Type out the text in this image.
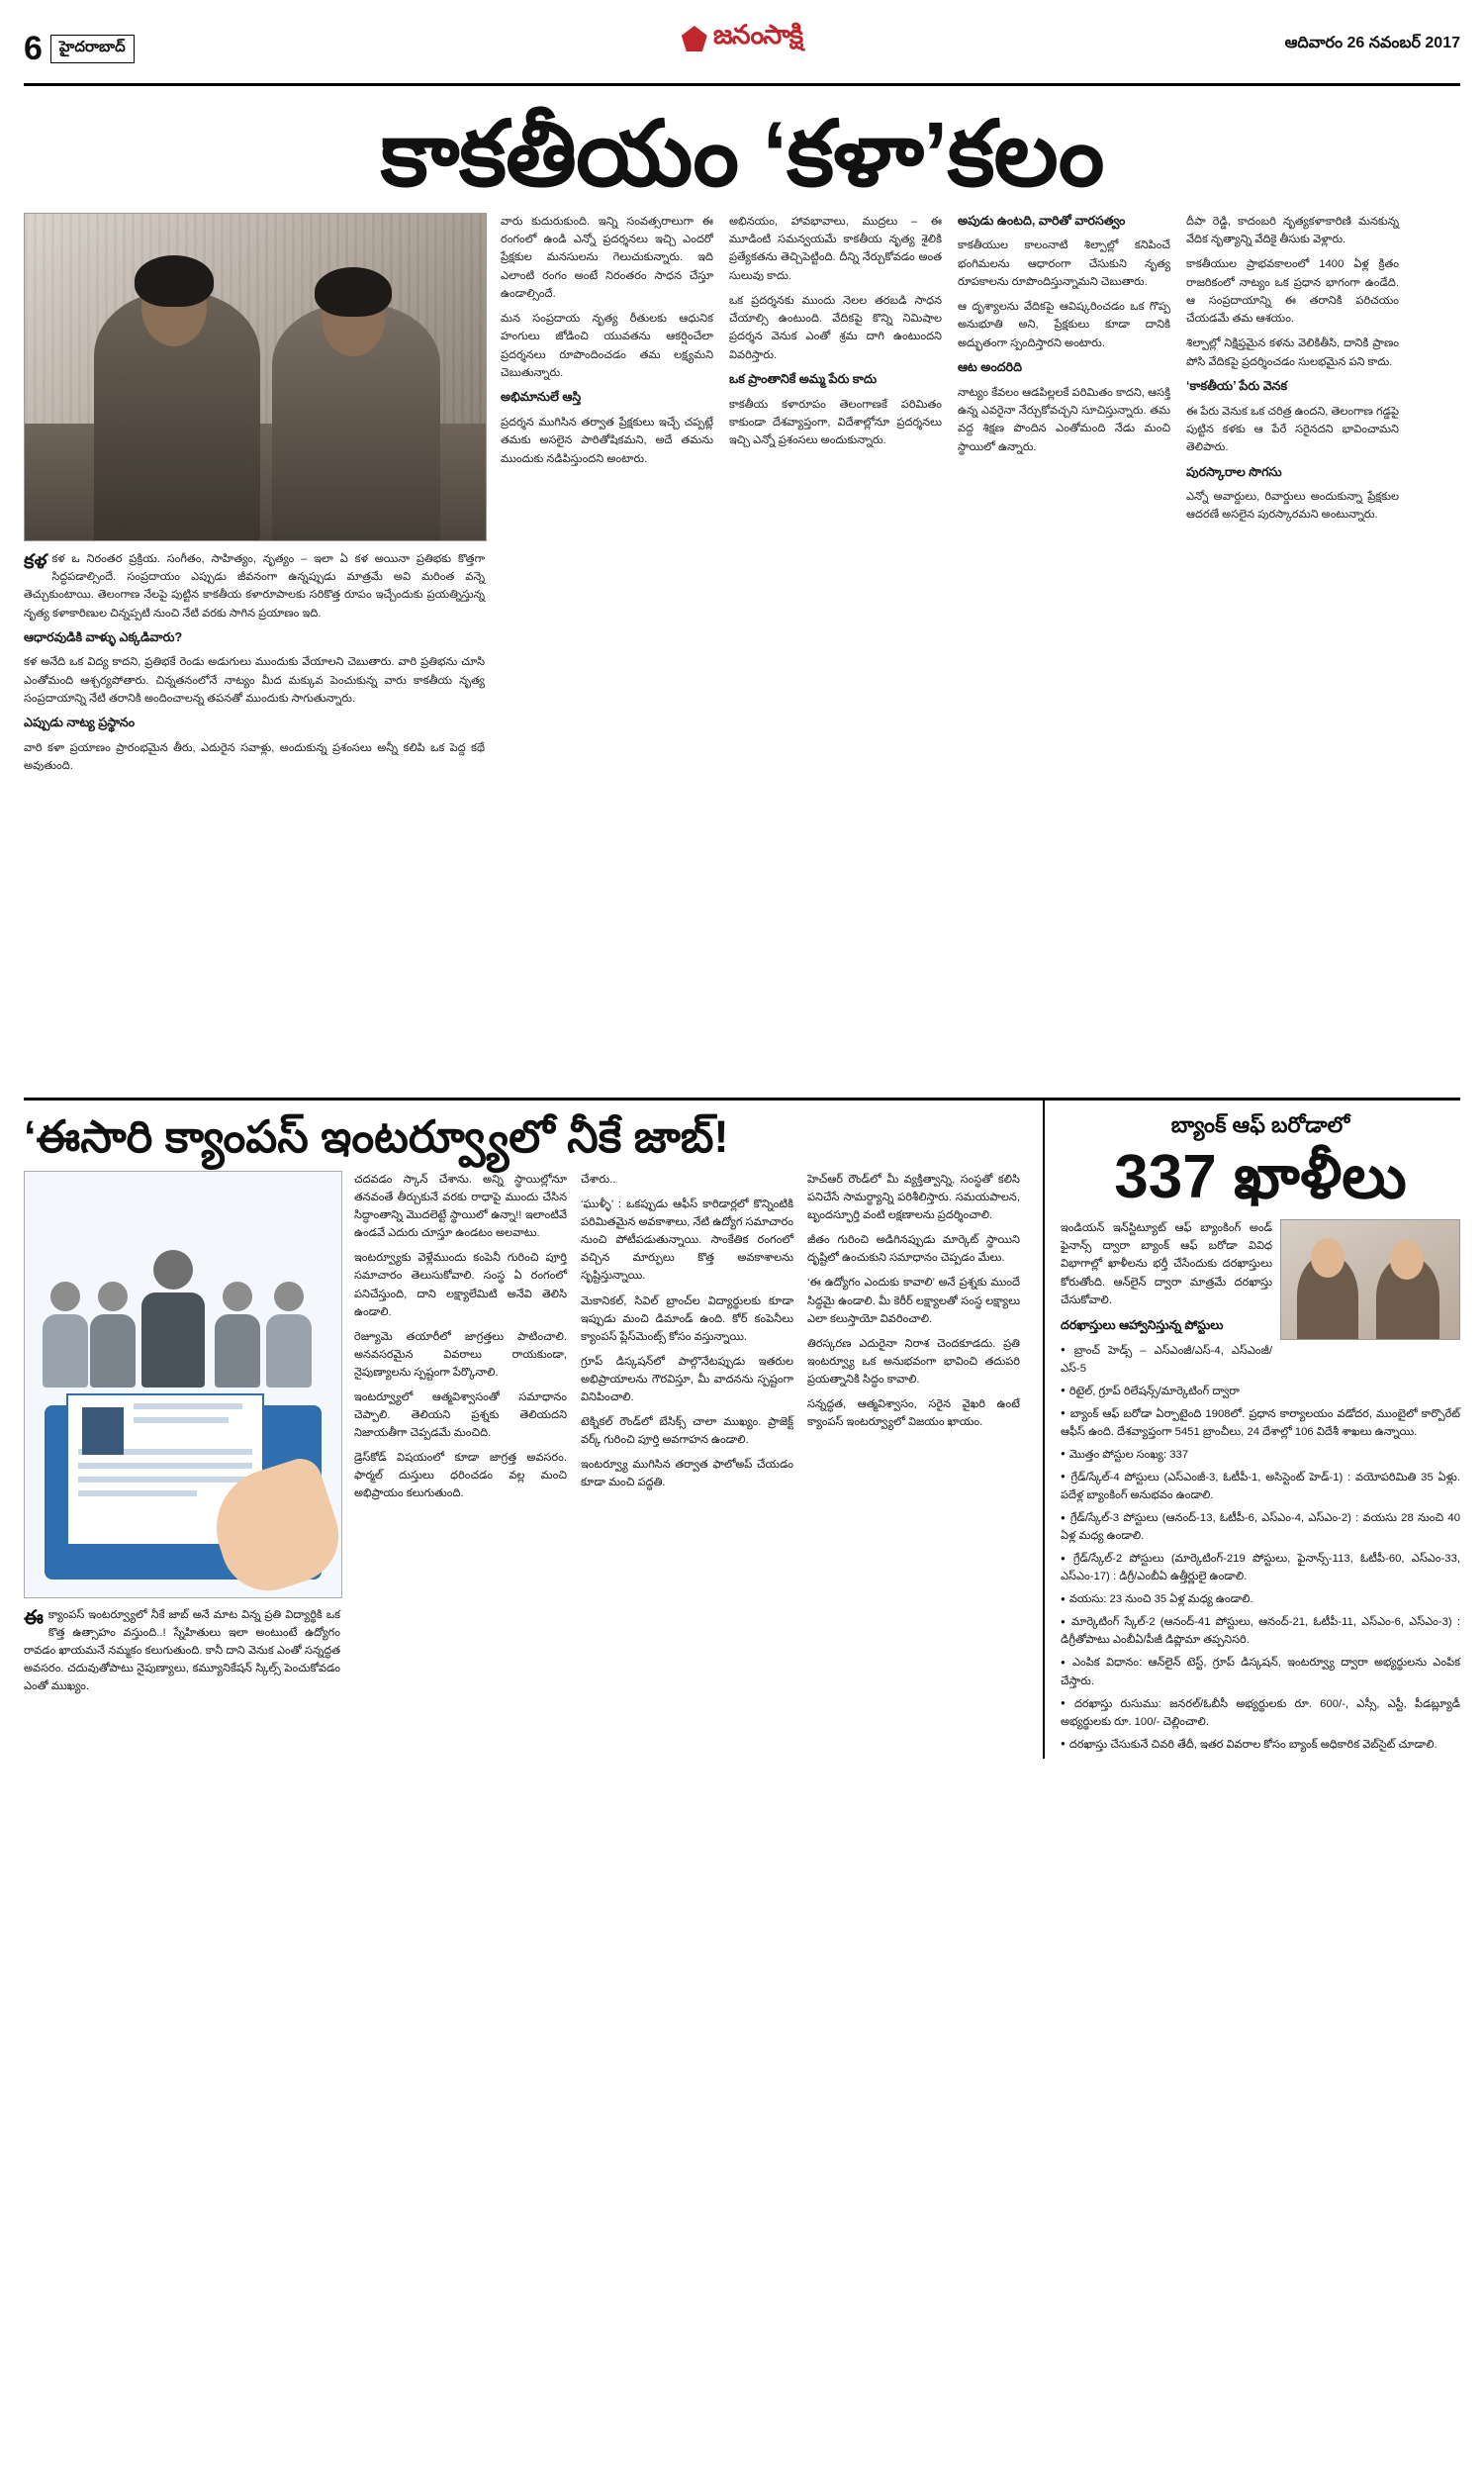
6	హైదరాబాద్	జనంసాక్షి	ఆదివారం 26 నవంబర్ 2017
కాకతీయం ‘కళా’కలం

కళ కళ ఒ నిరంతర ప్రక్రియ. సంగీతం, సాహిత్యం, నృత్యం – ఇలా ఏ కళ అయినా ప్రతిభకు కొత్తగా సిద్ధపడాల్సిందే. సంప్రదాయం ఎప్పుడు జీవనంగా ఉన్నప్పుడు మాత్రమే అవి మరింత వన్నె తెచ్చుకుంటాయి. తెలంగాణ నేలపై పుట్టిన కాకతీయ కళారూపాలకు సరికొత్త రూపం ఇచ్చేందుకు ప్రయత్నిస్తున్న నృత్య కళాకారిణుల చిన్నప్పటి నుంచి నేటి వరకు సాగిన ప్రయాణం ఇది.

ఆధారవుడికి వాళ్ళు ఎక్కడివారు?

కళ అనేది ఒక విద్య కాదని, ప్రతిభకే రెండు అడుగులు ముందుకు వేయాలని చెబుతారు. వారి ప్రతిభను చూసి ఎంతోమంది ఆశ్చర్యపోతారు. చిన్నతనంలోనే నాట్యం మీద మక్కువ పెంచుకున్న వారు కాకతీయ నృత్య సంప్రదాయాన్ని నేటి తరానికి అందించాలన్న తపనతో ముందుకు సాగుతున్నారు.

ఎప్పుడు నాట్య ప్రస్థానం

వారి కళా ప్రయాణం ప్రారంభమైన తీరు, ఎదురైన సవాళ్లు, అందుకున్న ప్రశంసలు అన్నీ కలిపి ఒక పెద్ద కథే అవుతుంది.

వారు కుదురుకుంది. ఇన్ని సంవత్సరాలుగా ఈ రంగంలో ఉండి ఎన్నో ప్రదర్శనలు ఇచ్చి ఎందరో ప్రేక్షకుల మనసులను గెలుచుకున్నారు. ఇది ఎలాంటి రంగం అంటే నిరంతరం సాధన చేస్తూ ఉండాల్సిందే.

మన సంప్రదాయ నృత్య రీతులకు ఆధునిక హంగులు జోడించి యువతను ఆకర్షించేలా ప్రదర్శనలు రూపొందించడం తమ లక్ష్యమని చెబుతున్నారు.

అభిమానులే ఆస్తి

ప్రదర్శన ముగిసిన తర్వాత ప్రేక్షకులు ఇచ్చే చప్పట్లే తమకు అసలైన పారితోషికమని, అదే తమను ముందుకు నడిపిస్తుందని అంటారు.

అభినయం, హావభావాలు, ముద్రలు – ఈ మూడింటి సమన్వయమే కాకతీయ నృత్య శైలికి ప్రత్యేకతను తెచ్చిపెట్టింది. దీన్ని నేర్చుకోవడం అంత సులువు కాదు.

ఒక ప్రదర్శనకు ముందు నెలల తరబడి సాధన చేయాల్సి ఉంటుంది. వేదికపై కొన్ని నిమిషాల ప్రదర్శన వెనుక ఎంతో శ్రమ దాగి ఉంటుందని వివరిస్తారు.

ఒక ప్రాంతానికే అమ్మ పేరు కాదు

కాకతీయ కళారూపం తెలంగాణకే పరిమితం కాకుండా దేశవ్యాప్తంగా, విదేశాల్లోనూ ప్రదర్శనలు ఇచ్చి ఎన్నో ప్రశంసలు అందుకున్నారు.

అపుడు ఉంటది, వారితో వారసత్వం

కాకతీయుల కాలంనాటి శిల్పాల్లో కనిపించే భంగిమలను ఆధారంగా చేసుకుని నృత్య రూపకాలను రూపొందిస్తున్నామని చెబుతారు.

ఆ దృశ్యాలను వేదికపై ఆవిష్కరించడం ఒక గొప్ప అనుభూతి అని, ప్రేక్షకులు కూడా దానికి అద్భుతంగా స్పందిస్తారని అంటారు.

ఆట అందరిది

నాట్యం కేవలం ఆడపిల్లలకే పరిమితం కాదని, ఆసక్తి ఉన్న ఎవరైనా నేర్చుకోవచ్చని సూచిస్తున్నారు. తమ వద్ద శిక్షణ పొందిన ఎంతోమంది నేడు మంచి స్థాయిలో ఉన్నారు.

దీపా రెడ్డి, కాదంబరి నృత్యకళాకారిణి మనకున్న వేదిక నృత్యాన్ని వేదికై తీసుకు వెళ్లారు.

కాకతీయుల ప్రాభవకాలంలో 1400 ఏళ్ల క్రితం రాజరికంలో నాట్యం ఒక ప్రధాన భాగంగా ఉండేది. ఆ సంప్రదాయాన్ని ఈ తరానికి పరిచయం చేయడమే తమ ఆశయం.

శిల్పాల్లో నిక్షిప్తమైన కళను వెలికితీసి, దానికి ప్రాణం పోసి వేదికపై ప్రదర్శించడం సులభమైన పని కాదు.

‘కాకతీయ’ పేరు వెనక

ఈ పేరు వెనుక ఒక చరిత్ర ఉందని, తెలంగాణ గడ్డపై పుట్టిన కళకు ఆ పేరే సరైనదని భావించామని తెలిపారు.

పురస్కారాల సొగసు

ఎన్నో అవార్డులు, రివార్డులు అందుకున్నా ప్రేక్షకుల ఆదరణే అసలైన పురస్కారమని అంటున్నారు.

‘ఈసారి క్యాంపస్ ఇంటర్వ్యూలో నీకే జాబ్!

ఈక్యాంపస్ ఇంటర్వ్యూలో నీకే జాబ్ అనే మాట విన్న ప్రతి విద్యార్థికి ఒక కొత్త ఉత్సాహం వస్తుంది..! స్నేహితులు ఇలా అంటుంటే ఉద్యోగం రావడం ఖాయమనే నమ్మకం కలుగుతుంది. కానీ దాని వెనుక ఎంతో సన్నద్ధత అవసరం. చదువుతోపాటు నైపుణ్యాలు, కమ్యూనికేషన్ స్కిల్స్ పెంచుకోవడం ఎంతో ముఖ్యం.

చదవడం స్కాన్ చేశాను. అన్ని స్థాయిల్లోనూ తనవంతే తీర్చుకునే వరకు రాధాపై ముందు చేసిన సిద్ధాంతాన్ని మొదలెట్టే స్థాయిలో ఉన్నా!! ఇలాంటివే ఉండవే ఎదురు చూస్తూ ఉండటం అలవాటు.

ఇంటర్వ్యూకు వెళ్లేముందు కంపెనీ గురించి పూర్తి సమాచారం తెలుసుకోవాలి. సంస్థ ఏ రంగంలో పనిచేస్తుంది, దాని లక్ష్యాలేమిటి అనేవి తెలిసి ఉండాలి.

రెజ్యూమె తయారీలో జాగ్రత్తలు పాటించాలి. అనవసరమైన వివరాలు రాయకుండా, నైపుణ్యాలను స్పష్టంగా పేర్కొనాలి.

ఇంటర్వ్యూలో ఆత్మవిశ్వాసంతో సమాధానం చెప్పాలి. తెలియని ప్రశ్నకు తెలియదని నిజాయతీగా చెప్పడమే మంచిది.

డ్రెస్‌కోడ్ విషయంలో కూడా జాగ్రత్త అవసరం. ఫార్మల్ దుస్తులు ధరించడం వల్ల మంచి అభిప్రాయం కలుగుతుంది.

చేశారు..

‘ఘుళ్ళీ’ : ఒకప్పుడు ఆఫీస్ కారిడార్లలో కొన్నింటికి పరిమితమైన అవకాశాలు, నేటి ఉద్యోగ సమాచారం నుంచి పోటీపడుతున్నాయి. సాంకేతిక రంగంలో వచ్చిన మార్పులు కొత్త అవకాశాలను సృష్టిస్తున్నాయి.

మెకానికల్, సివిల్ బ్రాంచ్‌ల విద్యార్థులకు కూడా ఇప్పుడు మంచి డిమాండ్ ఉంది. కోర్ కంపెనీలు క్యాంపస్ ప్లేస్‌మెంట్స్ కోసం వస్తున్నాయి.

గ్రూప్ డిస్కషన్‌లో పాల్గొనేటప్పుడు ఇతరుల అభిప్రాయాలను గౌరవిస్తూ, మీ వాదనను స్పష్టంగా వినిపించాలి.

టెక్నికల్ రౌండ్‌లో బేసిక్స్ చాలా ముఖ్యం. ప్రాజెక్ట్ వర్క్ గురించి పూర్తి అవగాహన ఉండాలి.

ఇంటర్వ్యూ ముగిసిన తర్వాత ఫాలోఅప్ చేయడం కూడా మంచి పద్ధతి.

హెచ్ఆర్ రౌండ్‌లో మీ వ్యక్తిత్వాన్ని, సంస్థతో కలిసి పనిచేసే సామర్థ్యాన్ని పరిశీలిస్తారు. సమయపాలన, బృందస్ఫూర్తి వంటి లక్షణాలను ప్రదర్శించాలి.

జీతం గురించి అడిగినప్పుడు మార్కెట్ స్థాయిని దృష్టిలో ఉంచుకుని సమాధానం చెప్పడం మేలు.

‘ఈ ఉద్యోగం ఎందుకు కావాలి’ అనే ప్రశ్నకు ముందే సిద్ధమై ఉండాలి. మీ కెరీర్ లక్ష్యాలతో సంస్థ లక్ష్యాలు ఎలా కలుస్తాయో వివరించాలి.

తిరస్కరణ ఎదురైనా నిరాశ చెందకూడదు. ప్రతి ఇంటర్వ్యూ ఒక అనుభవంగా భావించి తదుపరి ప్రయత్నానికి సిద్ధం కావాలి.

సన్నద్ధత, ఆత్మవిశ్వాసం, సరైన వైఖరి ఉంటే క్యాంపస్ ఇంటర్వ్యూలో విజయం ఖాయం.

బ్యాంక్ ఆఫ్ బరోడాలో
337 ఖాళీలు

ఇండియన్ ఇన్‌స్టిట్యూట్ ఆఫ్ బ్యాంకింగ్ అండ్ ఫైనాన్స్ ద్వారా బ్యాంక్ ఆఫ్ బరోడా వివిధ విభాగాల్లో ఖాళీలను భర్తీ చేసేందుకు దరఖాస్తులు కోరుతోంది. ఆన్‌లైన్ ద్వారా మాత్రమే దరఖాస్తు చేసుకోవాలి.

దరఖాస్తులు ఆహ్వానిస్తున్న పోస్టులు

● బ్రాంచ్ హెడ్స్ – ఎస్ఎంజీ/ఎస్-4, ఎస్ఎంజీ/ఎస్-5
● రిటైల్, గ్రూప్ రిలేషన్స్/మార్కెటింగ్ ద్వారా
● బ్యాంక్ ఆఫ్ బరోడా ఏర్పాటైంది 1908లో. ప్రధాన కార్యాలయం వడోదర, ముంబైలో కార్పొరేట్ ఆఫీస్ ఉంది. దేశవ్యాప్తంగా 5451 బ్రాంచీలు, 24 దేశాల్లో 106 విదేశీ శాఖలు ఉన్నాయి.
● మొత్తం పోస్టుల సంఖ్య: 337
● గ్రేడ్/స్కేల్-4 పోస్టులు (ఎస్ఎంజీ-3, ఓటీపీ-1, అసిస్టెంట్ హెడ్-1) : వయోపరిమితి 35 ఏళ్లు. పదేళ్ల బ్యాంకింగ్ అనుభవం ఉండాలి.
● గ్రేడ్/స్కేల్-3 పోస్టులు (ఆనంద్-13, ఓటీపీ-6, ఎస్ఎం-4, ఎస్ఎం-2) : వయసు 28 నుంచి 40 ఏళ్ల మధ్య ఉండాలి.
● గ్రేడ్/స్కేల్-2 పోస్టులు (మార్కెటింగ్-219 పోస్టులు, ఫైనాన్స్-113, ఓటీపీ-60, ఎస్ఎం-33, ఎస్ఎం-17) : డిగ్రీ/ఎంబీఏ ఉత్తీర్ణులై ఉండాలి.
● వయసు: 23 నుంచి 35 ఏళ్ల మధ్య ఉండాలి.
● మార్కెటింగ్ స్కేల్-2 (ఆనంద్-41 పోస్టులు, ఆనంద్-21, ఓటీపీ-11, ఎస్ఎం-6, ఎస్ఎం-3) : డిగ్రీతోపాటు ఎంబీఏ/పీజీ డిప్లొమా తప్పనిసరి.
● ఎంపిక విధానం: ఆన్‌లైన్ టెస్ట్, గ్రూప్ డిస్కషన్, ఇంటర్వ్యూ ద్వారా అభ్యర్థులను ఎంపిక చేస్తారు.
● దరఖాస్తు రుసుము: జనరల్/ఓబీసీ అభ్యర్థులకు రూ. 600/-, ఎస్సీ, ఎస్టీ, పీడబ్ల్యూడీ అభ్యర్థులకు రూ. 100/- చెల్లించాలి.
● దరఖాస్తు చేసుకునే చివరి తేదీ, ఇతర వివరాల కోసం బ్యాంక్ అధికారిక వెబ్‌సైట్ చూడాలి.
